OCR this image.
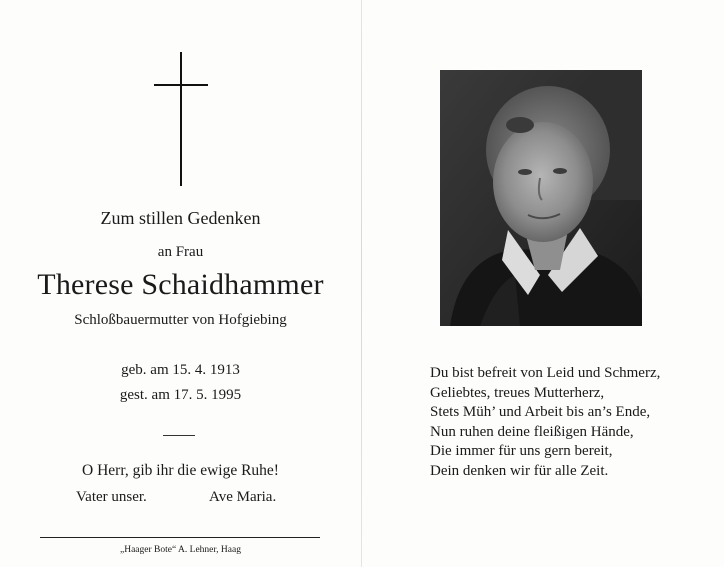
Zum stillen Gedenken
an Frau
Therese Schaidhammer
Schloßbauermutter von Hofgiebing
geb. am 15. 4. 1913
gest. am 17. 5. 1995
O Herr, gib ihr die ewige Ruhe!
Vater unser.	Ave Maria.
„Haager Bote“ A. Lehner, Haag
Du bist befreit von Leid und Schmerz,
Geliebtes, treues Mutterherz,
Stets Müh’ und Arbeit bis an’s Ende,
Nun ruhen deine fleißigen Hände,
Die immer für uns gern bereit,
Dein denken wir für alle Zeit.
